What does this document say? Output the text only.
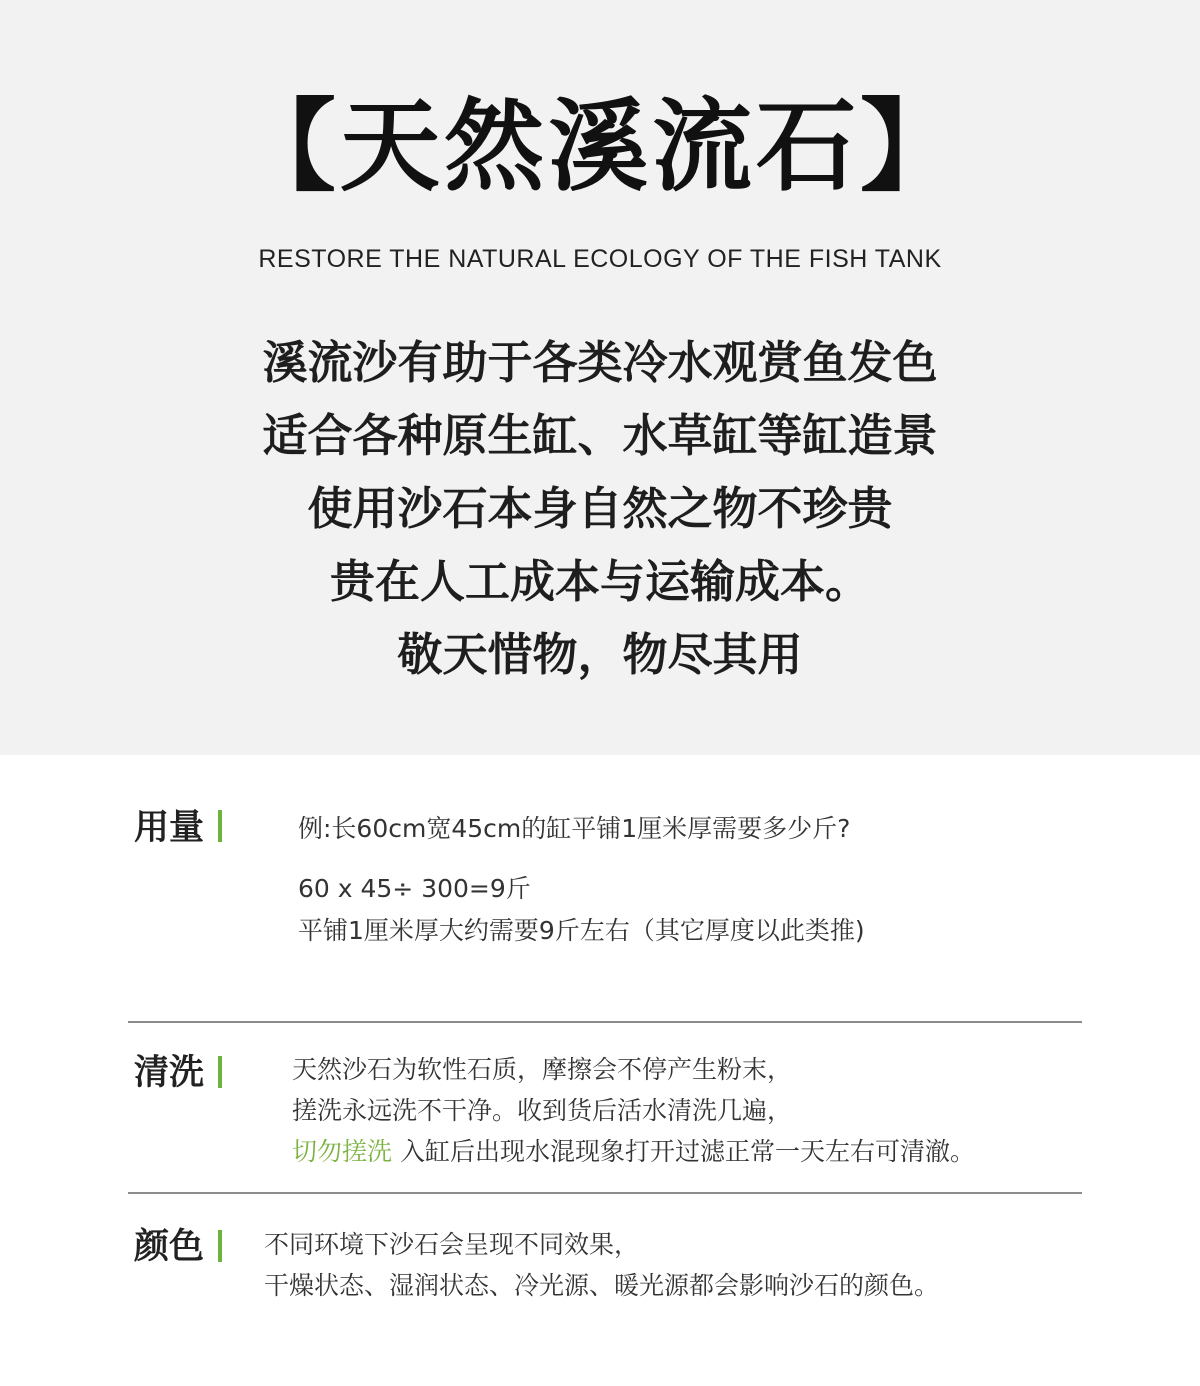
【天然溪流石】
RESTORE THE NATURAL ECOLOGY OF THE FISH TANK
溪流沙有助于各类冷水观赏鱼发色
适合各种原生缸、水草缸等缸造景
使用沙石本身自然之物不珍贵
贵在人工成本与运输成本。
敬天惜物，物尽其用
用量	例:长60cm宽45cm的缸平铺1厘米厚需要多少斤?
60 x 45÷ 300=9斤
平铺1厘米厚大约需要9斤左右（其它厚度以此类推)
清洗	天然沙石为软性石质，摩擦会不停产生粉末，
搓洗永远洗不干净。收到货后活水清洗几遍，
切勿搓洗 入缸后出现水混现象打开过滤正常一天左右可清澈。
颜色 不同环境下沙石会呈现不同效果，
干燥状态、湿润状态、冷光源、暖光源都会影响沙石的颜色。
